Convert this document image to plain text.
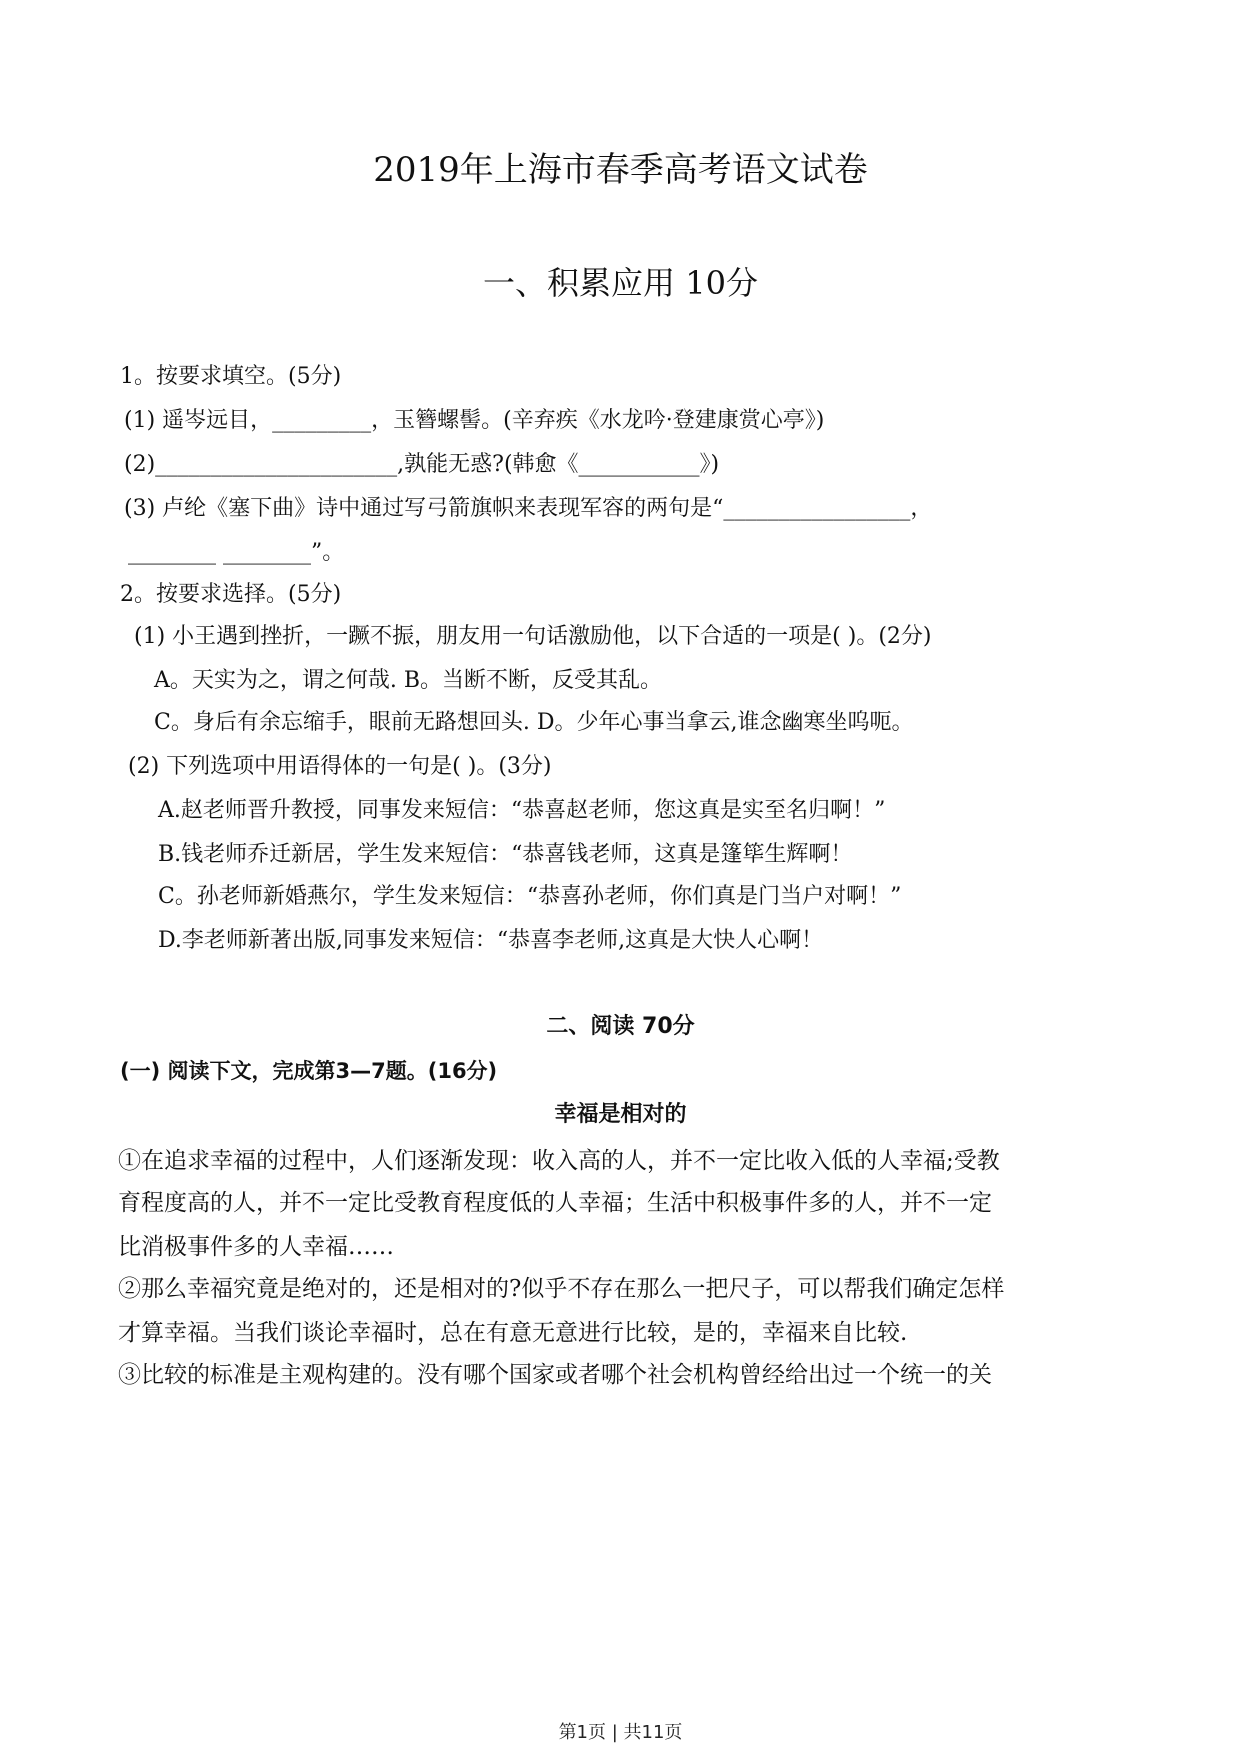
2019年上海市春季高考语文试卷
一、积累应用 10分
1。按要求填空。(5分)
(1) 遥岑远目，_________，玉簪螺髻。(辛弃疾《水龙吟·登建康赏心亭》)
(2)______________________,孰能无惑?(韩愈《___________》)
(3) 卢纶《塞下曲》诗中通过写弓箭旗帜来表现军容的两句是“_________________，
________ ________”。
2。按要求选择。(5分)
(1) 小王遇到挫折，一蹶不振，朋友用一句话激励他，以下合适的一项是( )。(2分)
A。天实为之，谓之何哉. B。当断不断，反受其乱。
C。身后有余忘缩手，眼前无路想回头. D。少年心事当拿云,谁念幽寒坐呜呃。
(2) 下列选项中用语得体的一句是( )。(3分)
A.赵老师晋升教授，同事发来短信：“恭喜赵老师，您这真是实至名归啊！”
B.钱老师乔迁新居，学生发来短信：“恭喜钱老师，这真是篷筚生辉啊！
C。孙老师新婚燕尔，学生发来短信：“恭喜孙老师，你们真是门当户对啊！”
D.李老师新著出版,同事发来短信：“恭喜李老师,这真是大快人心啊！
二、阅读 70分
(一) 阅读下文，完成第3—7题。(16分)
幸福是相对的
①在追求幸福的过程中，人们逐渐发现：收入高的人，并不一定比收入低的人幸福;受教
育程度高的人，并不一定比受教育程度低的人幸福；生活中积极事件多的人，并不一定
比消极事件多的人幸福……
②那么幸福究竟是绝对的，还是相对的?似乎不存在那么一把尺子，可以帮我们确定怎样
才算幸福。当我们谈论幸福时，总在有意无意进行比较，是的，幸福来自比较.
③比较的标准是主观构建的。没有哪个国家或者哪个社会机构曾经给出过一个统一的关
第1页 | 共11页
